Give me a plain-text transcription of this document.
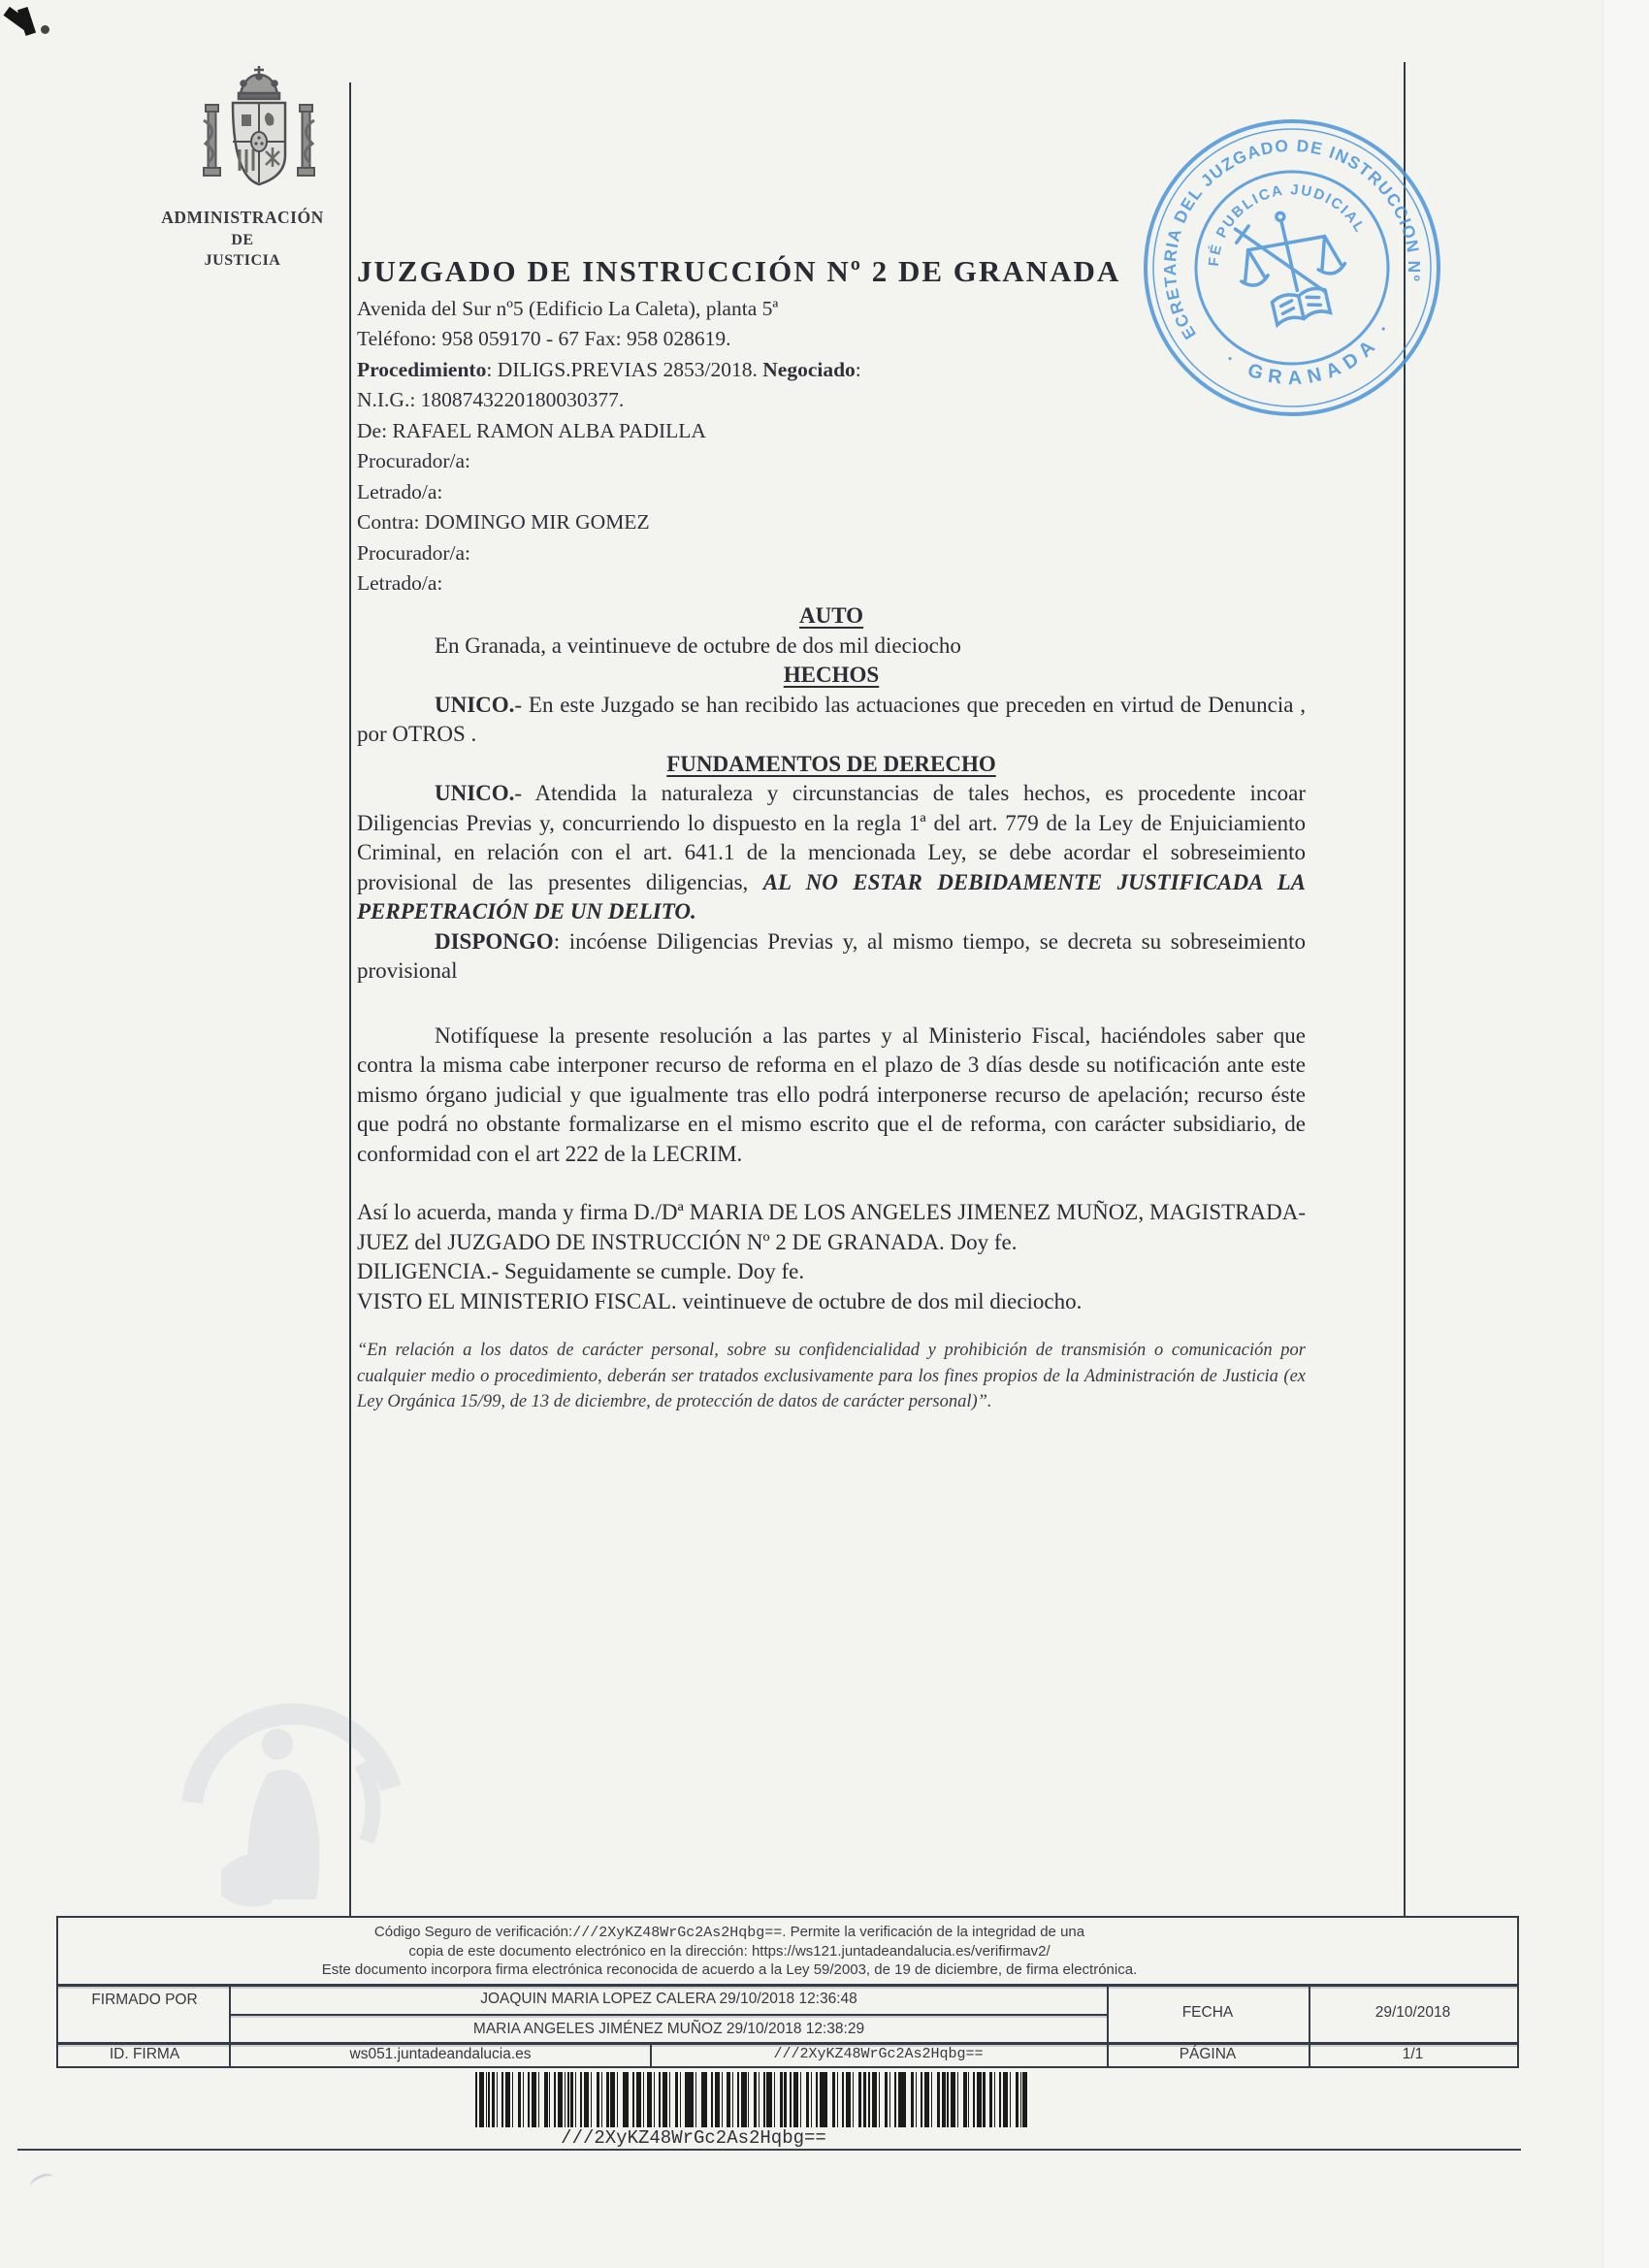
ADMINISTRACIÓN
DE
JUSTICIA	JUZGADO DE INSTRUCCIÓN Nº 2 DE GRANADA
Avenida del Sur nº5 (Edificio La Caleta), planta 5ª
Teléfono: 958 059170 - 67 Fax: 958 028619.
Procedimiento: DILIGS.PREVIAS 2853/2018. Negociado:
N.I.G.: 1808743220180030377.
De: RAFAEL RAMON ALBA PADILLA
Procurador/a:
Letrado/a:
Contra: DOMINGO MIR GOMEZ
Procurador/a:
Letrado/a:
SECRETARIA DEL JUZGADO DE INSTRUCCION Nº 2
· GRANADA ·
FÉ PUBLICA JUDICIAL

AUTO

En Granada, a veintinueve de octubre de dos mil dieciocho

HECHOS

UNICO.- En este Juzgado se han recibido las actuaciones que preceden en virtud de Denuncia , por OTROS .

FUNDAMENTOS DE DERECHO

UNICO.- Atendida la naturaleza y circunstancias de tales hechos, es procedente incoar Diligencias Previas y, concurriendo lo dispuesto en la regla 1ª del art. 779 de la Ley de Enjuiciamiento Criminal, en relación con el art. 641.1 de la mencionada Ley, se debe acordar el sobreseimiento provisional de las presentes diligencias, AL NO ESTAR DEBIDAMENTE JUSTIFICADA LA PERPETRACIÓN DE UN DELITO.

DISPONGO: incóense Diligencias Previas y, al mismo tiempo, se decreta su sobreseimiento provisional

Notifíquese la presente resolución a las partes y al Ministerio Fiscal, haciéndoles saber que contra la misma cabe interponer recurso de reforma en el plazo de 3 días desde su notificación ante este mismo órgano judicial y que igualmente tras ello podrá interponerse recurso de apelación; recurso éste que podrá no obstante formalizarse en el mismo escrito que el de reforma, con carácter subsidiario, de conformidad con el art 222 de la LECRIM.

Así lo acuerda, manda y firma D./Dª MARIA DE LOS ANGELES JIMENEZ MUÑOZ, MAGISTRADA-JUEZ del JUZGADO DE INSTRUCCIÓN Nº 2 DE GRANADA. Doy fe.

DILIGENCIA.- Seguidamente se cumple. Doy fe.

VISTO EL MINISTERIO FISCAL. veintinueve de octubre de dos mil dieciocho.

“En relación a los datos de carácter personal, sobre su confidencialidad y prohibición de transmisión o comunicación por cualquier medio o procedimiento, deberán ser tratados exclusivamente para los fines propios de la Administración de Justicia (ex Ley Orgánica 15/99, de 13 de diciembre, de protección de datos de carácter personal)”.

Código Seguro de verificación:///2XyKZ48WrGc2As2Hqbg==. Permite la verificación de la integridad de una
copia de este documento electrónico en la dirección: https://ws121.juntadeandalucia.es/verifirmav2/
Este documento incorpora firma electrónica reconocida de acuerdo a la Ley 59/2003, de 19 de diciembre, de firma electrónica.
FIRMADO POR	JOAQUIN MARIA LOPEZ CALERA 29/10/2018 12:36:48
MARIA ANGELES JIMÉNEZ MUÑOZ 29/10/2018 12:38:29
FECHA	29/10/2018
ID. FIRMA	ws051.juntadeandalucia.es	///2XyKZ48WrGc2As2Hqbg==	PÁGINA	1/1
///2XyKZ48WrGc2As2Hqbg==
